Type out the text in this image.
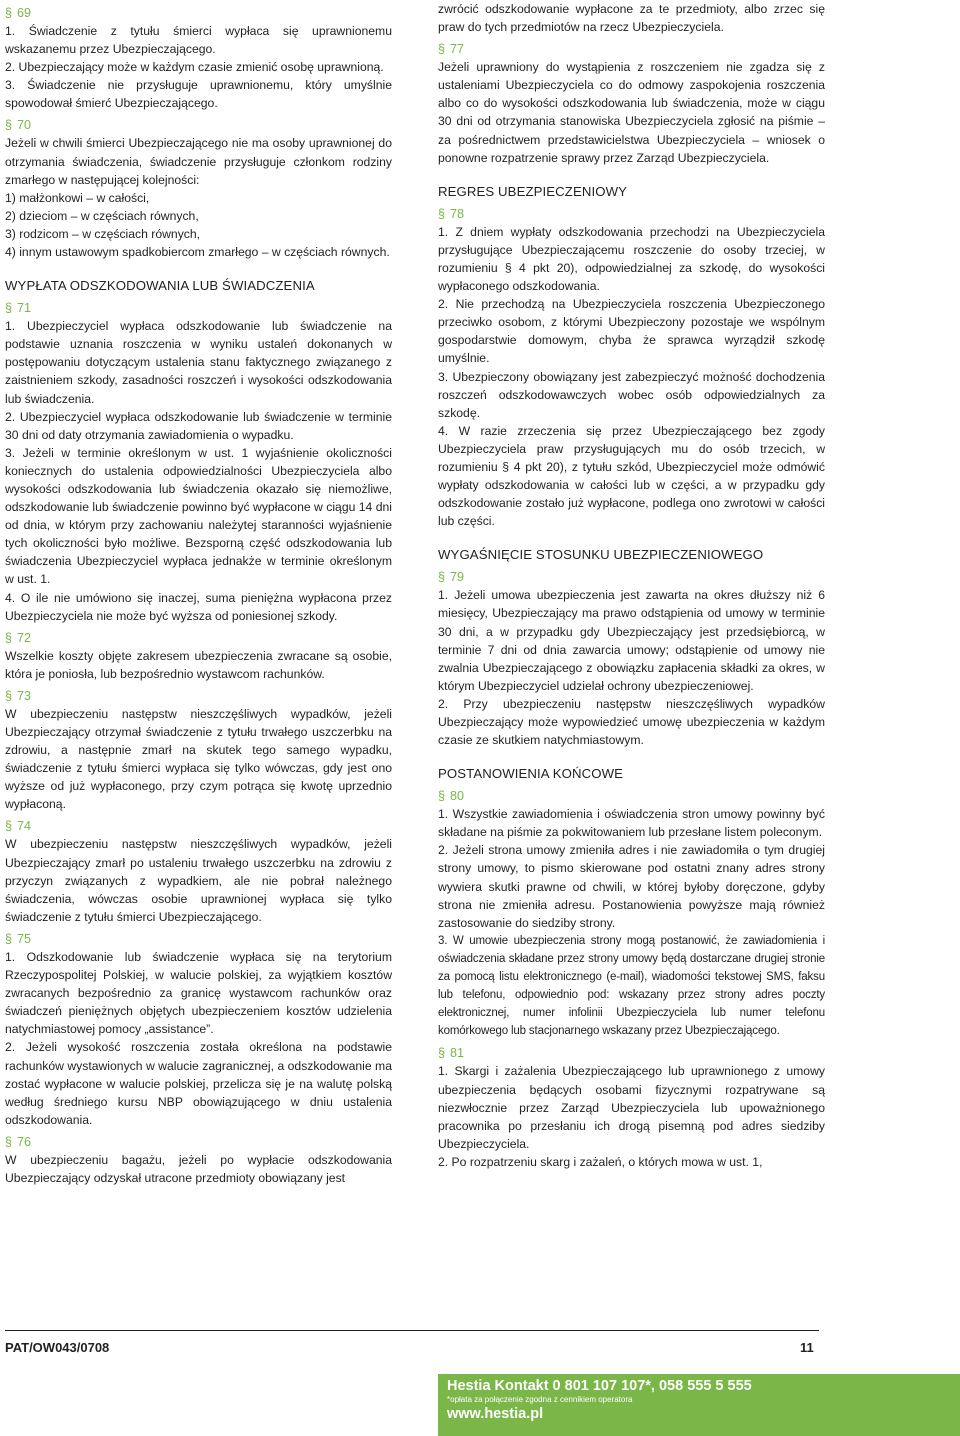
§ 69

1. Świadczenie z tytułu śmierci wypłaca się uprawnionemu wskazanemu przez Ubezpieczającego.

2. Ubezpieczający może w każdym czasie zmienić osobę uprawnioną.

3. Świadczenie nie przysługuje uprawnionemu, który umyślnie spowodował śmierć Ubezpieczającego.

§ 70

Jeżeli w chwili śmierci Ubezpieczającego nie ma osoby uprawnionej do otrzymania świadczenia, świadczenie przysługuje członkom rodziny zmarłego w następującej kolejności:

1) małżonkowi – w całości,

2) dzieciom – w częściach równych,

3) rodzicom – w częściach równych,

4) innym ustawowym spadkobiercom zmarłego – w częściach równych.

WYPŁATA ODSZKODOWANIA LUB ŚWIADCZENIA
§ 71

1. Ubezpieczyciel wypłaca odszkodowanie lub świadczenie na podstawie uznania roszczenia w wyniku ustaleń dokonanych w postępowaniu dotyczącym ustalenia stanu faktycznego związanego z zaistnieniem szkody, zasadności roszczeń i wysokości odszkodowania lub świadczenia.

2. Ubezpieczyciel wypłaca odszkodowanie lub świadczenie w terminie 30 dni od daty otrzymania zawiadomienia o wypadku.

3. Jeżeli w terminie określonym w ust. 1 wyjaśnienie okoliczności koniecznych do ustalenia odpowiedzialności Ubezpieczyciela albo wysokości odszkodowania lub świadczenia okazało się niemożliwe, odszkodowanie lub świadczenie powinno być wypłacone w ciągu 14 dni od dnia, w którym przy zachowaniu należytej staranności wyjaśnienie tych okoliczności było możliwe. Bezsporną część odszkodowania lub świadczenia Ubezpieczyciel wypłaca jednakże w terminie określonym w ust. 1.

4. O ile nie umówiono się inaczej, suma pieniężna wypłacona przez Ubezpieczyciela nie może być wyższa od poniesionej szkody.

§ 72

Wszelkie koszty objęte zakresem ubezpieczenia zwracane są osobie, która je poniosła, lub bezpośrednio wystawcom rachunków.

§ 73

W ubezpieczeniu następstw nieszczęśliwych wypadków, jeżeli Ubezpieczający otrzymał świadczenie z tytułu trwałego uszczerbku na zdrowiu, a następnie zmarł na skutek tego samego wypadku, świadczenie z tytułu śmierci wypłaca się tylko wówczas, gdy jest ono wyższe od już wypłaconego, przy czym potrąca się kwotę uprzednio wypłaconą.

§ 74

W ubezpieczeniu następstw nieszczęśliwych wypadków, jeżeli Ubezpieczający zmarł po ustaleniu trwałego uszczerbku na zdrowiu z przyczyn związanych z wypadkiem, ale nie pobrał należnego świadczenia, wówczas osobie uprawnionej wypłaca się tylko świadczenie z tytułu śmierci Ubezpieczającego.

§ 75

1. Odszkodowanie lub świadczenie wypłaca się na terytorium Rzeczypospolitej Polskiej, w walucie polskiej, za wyjątkiem kosztów zwracanych bezpośrednio za granicę wystawcom rachunków oraz świadczeń pieniężnych objętych ubezpieczeniem kosztów udzielenia natychmiastowej pomocy „assistance”.

2. Jeżeli wysokość roszczenia została określona na podstawie rachunków wystawionych w walucie zagranicznej, a odszkodowanie ma zostać wypłacone w walucie polskiej, przelicza się je na walutę polską według średniego kursu NBP obowiązującego w dniu ustalenia odszkodowania.

§ 76

W ubezpieczeniu bagażu, jeżeli po wypłacie odszkodowania Ubezpieczający odzyskał utracone przedmioty obowiązany jest

zwrócić odszkodowanie wypłacone za te przedmioty, albo zrzec się praw do tych przedmiotów na rzecz Ubezpieczyciela.

§ 77

Jeżeli uprawniony do wystąpienia z roszczeniem nie zgadza się z ustaleniami Ubezpieczyciela co do odmowy zaspokojenia roszczenia albo co do wysokości odszkodowania lub świadczenia, może w ciągu 30 dni od otrzymania stanowiska Ubezpieczyciela zgłosić na piśmie – za pośrednictwem przedstawicielstwa Ubezpieczyciela – wniosek o ponowne rozpatrzenie sprawy przez Zarząd Ubezpieczyciela.

REGRES UBEZPIECZENIOWY
§ 78

1. Z dniem wypłaty odszkodowania przechodzi na Ubezpieczyciela przysługujące Ubezpieczającemu roszczenie do osoby trzeciej, w rozumieniu § 4 pkt 20), odpowiedzialnej za szkodę, do wysokości wypłaconego odszkodowania.

2. Nie przechodzą na Ubezpieczyciela roszczenia Ubezpieczonego przeciwko osobom, z którymi Ubezpieczony pozostaje we wspólnym gospodarstwie domowym, chyba że sprawca wyrządził szkodę umyślnie.

3. Ubezpieczony obowiązany jest zabezpieczyć możność dochodzenia roszczeń odszkodowawczych wobec osób odpowiedzialnych za szkodę.

4. W razie zrzeczenia się przez Ubezpieczającego bez zgody Ubezpieczyciela praw przysługujących mu do osób trzecich, w rozumieniu § 4 pkt 20), z tytułu szkód, Ubezpieczyciel może odmówić wypłaty odszkodowania w całości lub w części, a w przypadku gdy odszkodowanie zostało już wypłacone, podlega ono zwrotowi w całości lub części.

WYGAŚNIĘCIE STOSUNKU UBEZPIECZENIOWEGO
§ 79

1. Jeżeli umowa ubezpieczenia jest zawarta na okres dłuższy niż 6 miesięcy, Ubezpieczający ma prawo odstąpienia od umowy w terminie 30 dni, a w przypadku gdy Ubezpieczający jest przedsiębiorcą, w terminie 7 dni od dnia zawarcia umowy; odstąpienie od umowy nie zwalnia Ubezpieczającego z obowiązku zapłacenia składki za okres, w którym Ubezpieczyciel udzielał ochrony ubezpieczeniowej.

2. Przy ubezpieczeniu następstw nieszczęśliwych wypadków Ubezpieczający może wypowiedzieć umowę ubezpieczenia w każdym czasie ze skutkiem natychmiastowym.

POSTANOWIENIA KOŃCOWE
§ 80

1. Wszystkie zawiadomienia i oświadczenia stron umowy powinny być składane na piśmie za pokwitowaniem lub przesłane listem poleconym.

2. Jeżeli strona umowy zmieniła adres i nie zawiadomiła o tym drugiej strony umowy, to pismo skierowane pod ostatni znany adres strony wywiera skutki prawne od chwili, w której byłoby doręczone, gdyby strona nie zmieniła adresu. Postanowienia powyższe mają również zastosowanie do siedziby strony.

3. W umowie ubezpieczenia strony mogą postanowić, że zawiadomienia i oświadczenia składane przez strony umowy będą dostarczane drugiej stronie za pomocą listu elektronicznego (e-mail), wiadomości tekstowej SMS, faksu lub telefonu, odpowiednio pod: wskazany przez strony adres poczty elektronicznej, numer infolinii Ubezpieczyciela lub numer telefonu komórkowego lub stacjonarnego wskazany przez Ubezpieczającego.

§ 81

1. Skargi i zażalenia Ubezpieczającego lub uprawnionego z umowy ubezpieczenia będących osobami fizycznymi rozpatrywane są niezwłocznie przez Zarząd Ubezpieczyciela lub upoważnionego pracownika po przesłaniu ich drogą pisemną pod adres siedziby Ubezpieczyciela.

2. Po rozpatrzeniu skarg i zażaleń, o których mowa w ust. 1,

PAT/OW043/0708	11
Hestia Kontakt 0 801 107 107*, 058 555 5 555
*opłata za połączenie zgodna z cennikiem operatora
www.hestia.pl
